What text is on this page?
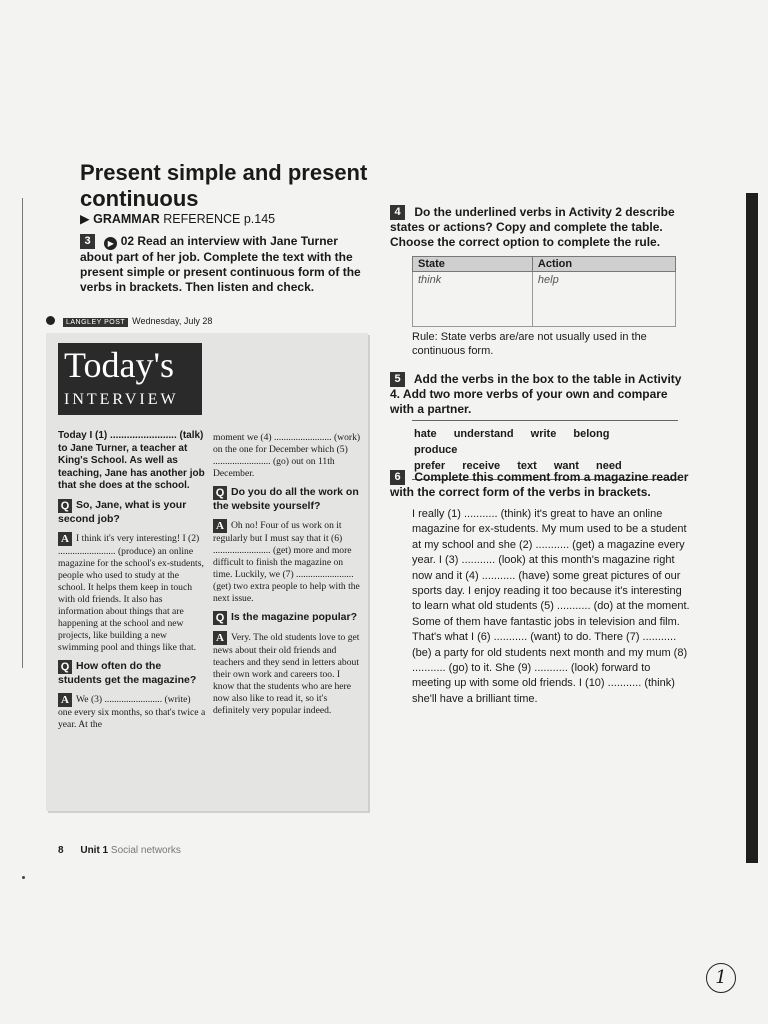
Present simple and present continuous
▶ GRAMMAR REFERENCE p.145
3 ▶ 02 Read an interview with Jane Turner about part of her job. Complete the text with the present simple or present continuous form of the verbs in brackets. Then listen and check.
LANGLEY POST Wednesday, July 28
Today's
INTERVIEW

Today I (1) ........................ (talk) to Jane Turner, a teacher at King's School. As well as teaching, Jane has another job that she does at the school.

Q So, Jane, what is your second job?

A I think it's very interesting! I (2) ........................ (produce) an online magazine for the school's ex-students, people who used to study at the school. It helps them keep in touch with old friends. It also has information about things that are happening at the school and new projects, like building a new swimming pool and things like that.

Q How often do the students get the magazine?

A We (3) ........................ (write) one every six months, so that's twice a year. At the

moment we (4) ........................ (work) on the one for December which (5) ........................ (go) out on 11th December.

Q Do you do all the work on the website yourself?

A Oh no! Four of us work on it regularly but I must say that it (6) ........................ (get) more and more difficult to finish the magazine on time. Luckily, we (7) ........................ (get) two extra people to help with the next issue.

Q Is the magazine popular?

A Very. The old students love to get news about their old friends and teachers and they send in letters about their own work and careers too. I know that the students who are here now also like to read it, so it's definitely very popular indeed.

4 Do the underlined verbs in Activity 2 describe states or actions? Copy and complete the table. Choose the correct option to complete the rule.
State	Action
think	help
Rule: State verbs are/are not usually used in the continuous form.
5 Add the verbs in the box to the table in Activity 4. Add two more verbs of your own and compare with a partner.
hate understand write belong produce
prefer receive text want need
6 Complete this comment from a magazine reader with the correct form of the verbs in brackets.
I really (1) ........... (think) it's great to have an online magazine for ex-students. My mum used to be a student at my school and she (2) ........... (get) a magazine every year. I (3) ........... (look) at this month's magazine right now and it (4) ........... (have) some great pictures of our sports day. I enjoy reading it too because it's interesting to learn what old students (5) ........... (do) at the moment. Some of them have fantastic jobs in television and film. That's what I (6) ........... (want) to do. There (7) ........... (be) a party for old students next month and my mum (8) ........... (go) to it. She (9) ........... (look) forward to meeting up with some old friends. I (10) ........... (think) she'll have a brilliant time.
8 Unit 1 Social networks
1
